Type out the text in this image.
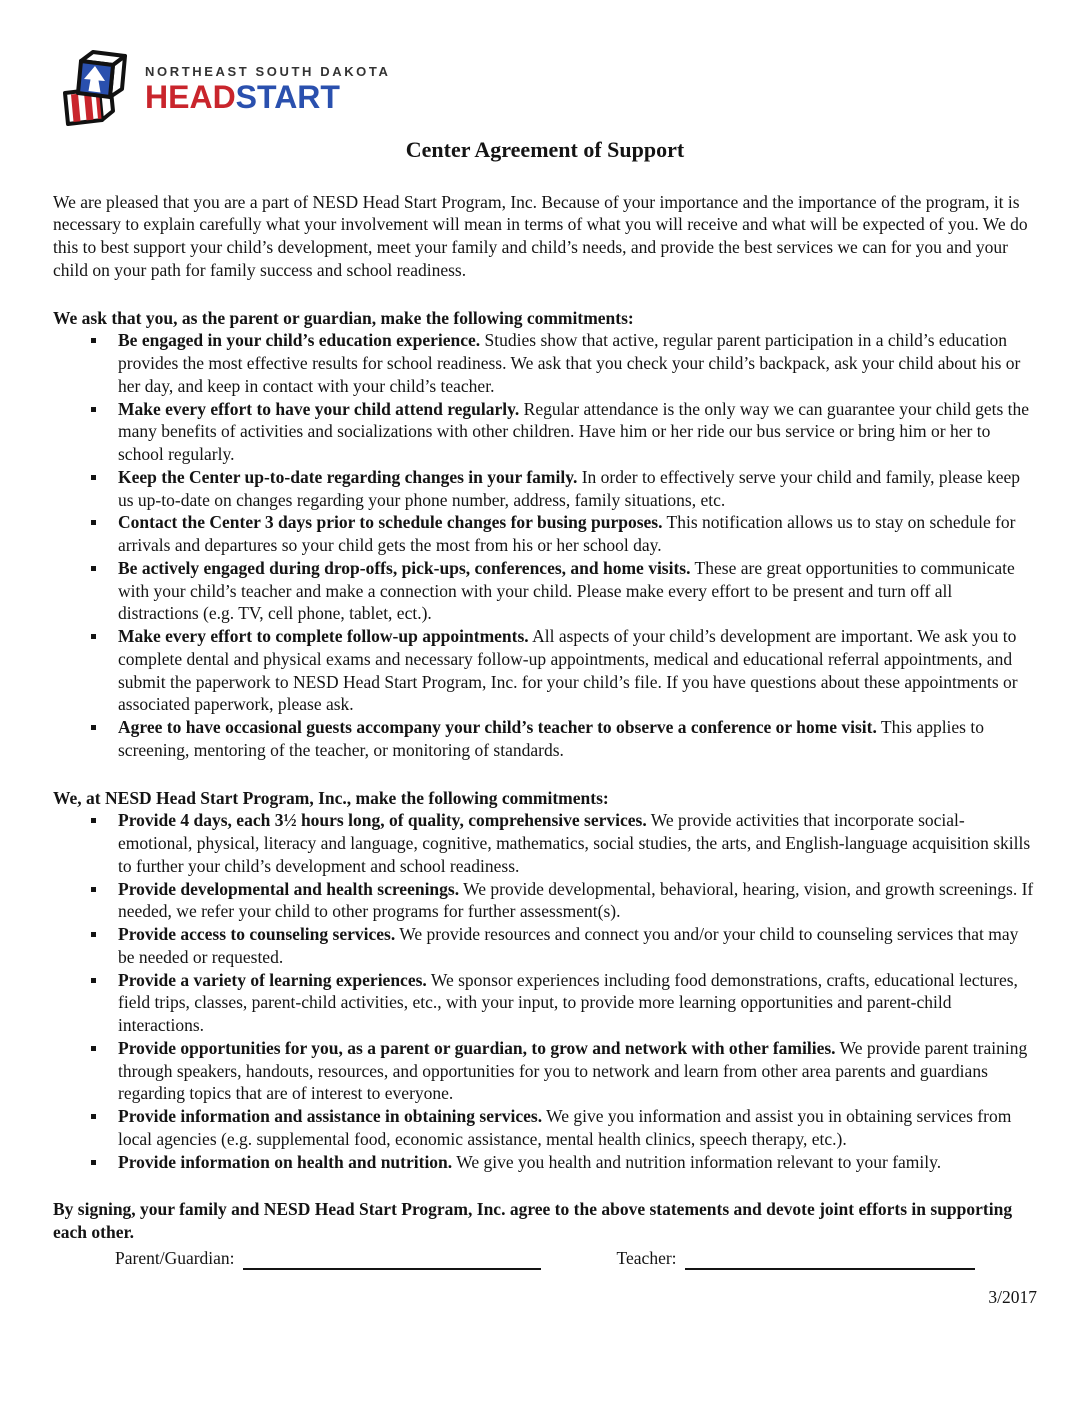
NORTHEAST SOUTH DAKOTA
HEADSTART
Center Agreement of Support

We are pleased that you are a part of NESD Head Start Program, Inc. Because of your importance and the importance of the program, it is necessary to explain carefully what your involvement will mean in terms of what you will receive and what will be expected of you. We do this to best support your child’s development, meet your family and child’s needs, and provide the best services we can for you and your child on your path for family success and school readiness.

We ask that you, as the parent or guardian, make the following commitments:

Be engaged in your child’s education experience. Studies show that active, regular parent participation in a child’s education provides the most effective results for school readiness. We ask that you check your child’s backpack, ask your child about his or her day, and keep in contact with your child’s teacher.
Make every effort to have your child attend regularly. Regular attendance is the only way we can guarantee your child gets the many benefits of activities and socializations with other children. Have him or her ride our bus service or bring him or her to school regularly.
Keep the Center up-to-date regarding changes in your family. In order to effectively serve your child and family, please keep us up-to-date on changes regarding your phone number, address, family situations, etc.
Contact the Center 3 days prior to schedule changes for busing purposes. This notification allows us to stay on schedule for arrivals and departures so your child gets the most from his or her school day.
Be actively engaged during drop-offs, pick-ups, conferences, and home visits. These are great opportunities to communicate with your child’s teacher and make a connection with your child. Please make every effort to be present and turn off all distractions (e.g. TV, cell phone, tablet, ect.).
Make every effort to complete follow-up appointments. All aspects of your child’s development are important. We ask you to complete dental and physical exams and necessary follow-up appointments, medical and educational referral appointments, and submit the paperwork to NESD Head Start Program, Inc. for your child’s file. If you have questions about these appointments or associated paperwork, please ask.
Agree to have occasional guests accompany your child’s teacher to observe a conference or home visit. This applies to screening, mentoring of the teacher, or monitoring of standards.

We, at NESD Head Start Program, Inc., make the following commitments:

Provide 4 days, each 3½ hours long, of quality, comprehensive services. We provide activities that incorporate social-emotional, physical, literacy and language, cognitive, mathematics, social studies, the arts, and English-language acquisition skills to further your child’s development and school readiness.
Provide developmental and health screenings. We provide developmental, behavioral, hearing, vision, and growth screenings. If needed, we refer your child to other programs for further assessment(s).
Provide access to counseling services. We provide resources and connect you and/or your child to counseling services that may be needed or requested.
Provide a variety of learning experiences. We sponsor experiences including food demonstrations, crafts, educational lectures, field trips, classes, parent-child activities, etc., with your input, to provide more learning opportunities and parent-child interactions.
Provide opportunities for you, as a parent or guardian, to grow and network with other families. We provide parent training through speakers, handouts, resources, and opportunities for you to network and learn from other area parents and guardians regarding topics that are of interest to everyone.
Provide information and assistance in obtaining services. We give you information and assist you in obtaining services from local agencies (e.g. supplemental food, economic assistance, mental health clinics, speech therapy, etc.).
Provide information on health and nutrition. We give you health and nutrition information relevant to your family.

By signing, your family and NESD Head Start Program, Inc. agree to the above statements and devote joint efforts in supporting each other.

Parent/Guardian:	Teacher:
3/2017
